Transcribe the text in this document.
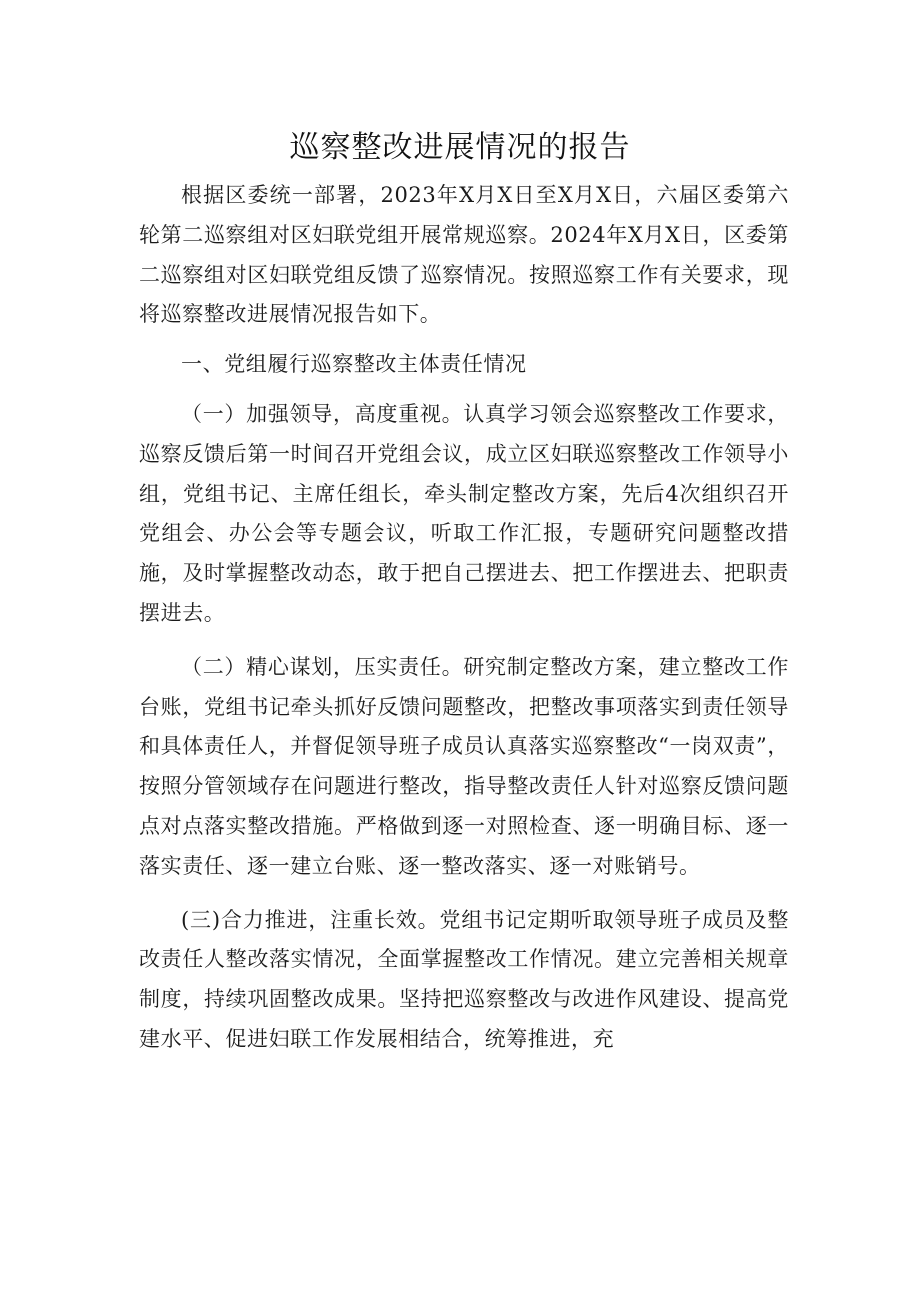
巡察整改进展情况的报告

根据区委统一部署，2023年X月X日至X月X日，六届区委第六轮第二巡察组对区妇联党组开展常规巡察。2024年X月X日，区委第二巡察组对区妇联党组反馈了巡察情况。按照巡察工作有关要求，现将巡察整改进展情况报告如下。

一、党组履行巡察整改主体责任情况

（一）加强领导，高度重视。认真学习领会巡察整改工作要求，巡察反馈后第一时间召开党组会议，成立区妇联巡察整改工作领导小组，党组书记、主席任组长，牵头制定整改方案，先后4次组织召开党组会、办公会等专题会议，听取工作汇报，专题研究问题整改措施，及时掌握整改动态，敢于把自己摆进去、把工作摆进去、把职责摆进去。

（二）精心谋划，压实责任。研究制定整改方案，建立整改工作台账，党组书记牵头抓好反馈问题整改，把整改事项落实到责任领导和具体责任人，并督促领导班子成员认真落实巡察整改“一岗双责”，按照分管领域存在问题进行整改，指导整改责任人针对巡察反馈问题点对点落实整改措施。严格做到逐一对照检查、逐一明确目标、逐一落实责任、逐一建立台账、逐一整改落实、逐一对账销号。

(三)合力推进，注重长效。党组书记定期听取领导班子成员及整改责任人整改落实情况，全面掌握整改工作情况。建立完善相关规章制度，持续巩固整改成果。坚持把巡察整改与改进作风建设、提高党建水平、促进妇联工作发展相结合，统筹推进，充
